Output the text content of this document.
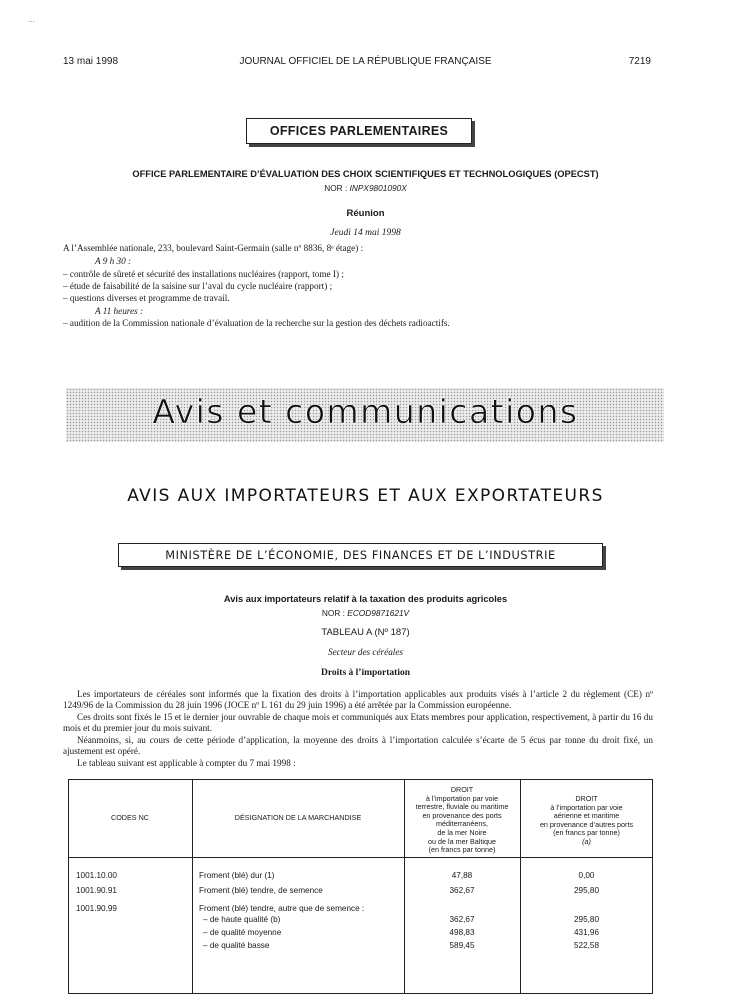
…
13 mai 1998	JOURNAL OFFICIEL DE LA RÉPUBLIQUE FRANÇAISE	7219
OFFICES PARLEMENTAIRES
OFFICE PARLEMENTAIRE D’ÉVALUATION DES CHOIX SCIENTIFIQUES ET TECHNOLOGIQUES (OPECST)
NOR : INPX9801090X
Réunion
Jeudi 14 mai 1998
A l’Assemblée nationale, 233, boulevard Saint-Germain (salle nº 8836, 8ᵉ étage) :
A 9 h 30 :
– contrôle de sûreté et sécurité des installations nucléaires (rapport, tome I) ;
– étude de faisabilité de la saisine sur l’aval du cycle nucléaire (rapport) ;
– questions diverses et programme de travail.
A 11 heures :
– audition de la Commission nationale d’évaluation de la recherche sur la gestion des déchets radioactifs.
Avis et communications
AVIS AUX IMPORTATEURS ET AUX EXPORTATEURS
MINISTÈRE DE L’ÉCONOMIE, DES FINANCES ET DE L’INDUSTRIE
Avis aux importateurs relatif à la taxation des produits agricoles
NOR : ECOD9871621V
TABLEAU A (Nº 187)
Secteur des céréales
Droits à l’importation
Les importateurs de céréales sont informés que la fixation des droits à l’importation applicables aux produits visés à l’article 2 du règlement (CE) nº 1249/96 de la Commission du 28 juin 1996 (JOCE nº L 161 du 29 juin 1996) a été arrêtée par la Commission européenne.
Ces droits sont fixés le 15 et le dernier jour ouvrable de chaque mois et communiqués aux Etats membres pour application, respectivement, à partir du 16 du mois et du premier jour du mois suivant.
Néanmoins, si, au cours de cette période d’application, la moyenne des droits à l’importation calculée s’écarte de 5 écus par tonne du droit fixé, un ajustement est opéré.
Le tableau suivant est applicable à compter du 7 mai 1998 :
CODES NC	DÉSIGNATION DE LA MARCHANDISE
DROIT
à l’importation par voie
terrestre, fluviale ou maritime
en provenance des ports
méditerranéens,
de la mer Noire
ou de la mer Baltique
(en francs par tonne)
DROIT
à l’importation par voie
aérienne et maritime
en provenance d’autres ports
(en francs par tonne)
(a)
1001.10.00	Froment (blé) dur (1)	47,88	0,00
1001.90.91	Froment (blé) tendre, de semence	362,67	295,80
1001.90.99	Froment (blé) tendre, autre que de semence :
– de haute qualité (b)	362,67	295,80
– de qualité moyenne	498,83	431,96
– de qualité basse	589,45	522,58
